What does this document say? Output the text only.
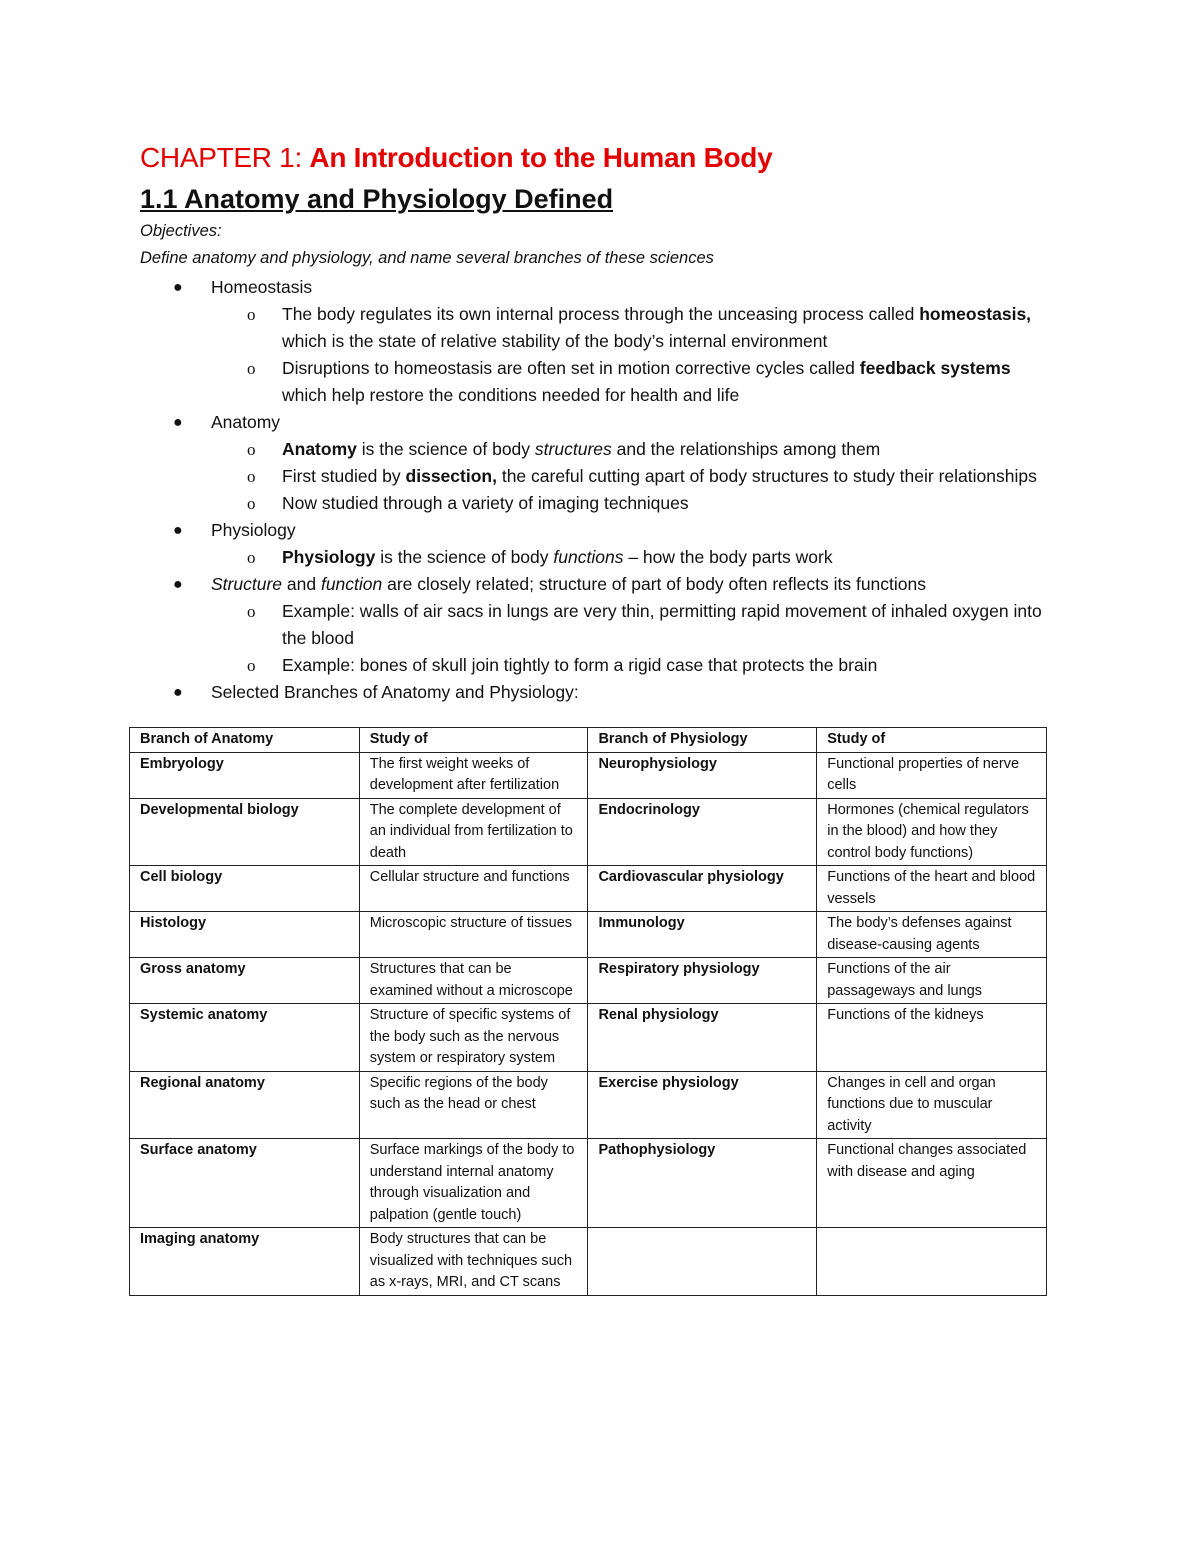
CHAPTER 1: An Introduction to the Human Body
1.1 Anatomy and Physiology Defined
Objectives:
Define anatomy and physiology, and name several branches of these sciences
● Homeostasis
o The body regulates its own internal process through the unceasing process called homeostasis, which is the state of relative stability of the body’s internal environment
o Disruptions to homeostasis are often set in motion corrective cycles called feedback systems which help restore the conditions needed for health and life
● Anatomy
o Anatomy is the science of body structures and the relationships among them
o First studied by dissection, the careful cutting apart of body structures to study their relationships
o Now studied through a variety of imaging techniques
● Physiology
o Physiology is the science of body functions – how the body parts work
● Structure and function are closely related; structure of part of body often reflects its functions
o Example: walls of air sacs in lungs are very thin, permitting rapid movement of inhaled oxygen into the blood
o Example: bones of skull join tightly to form a rigid case that protects the brain
● Selected Branches of Anatomy and Physiology:
Branch of Anatomy	Study of	Branch of Physiology	Study of
Embryology	The first weight weeks of development after fertilization	Neurophysiology	Functional properties of nerve cells
Developmental biology	The complete development of an individual from fertilization to death	Endocrinology	Hormones (chemical regulators in the blood) and how they control body functions)
Cell biology	Cellular structure and functions	Cardiovascular physiology	Functions of the heart and blood vessels
Histology	Microscopic structure of tissues	Immunology	The body’s defenses against disease-causing agents
Gross anatomy	Structures that can be examined without a microscope	Respiratory physiology	Functions of the air passageways and lungs
Systemic anatomy	Structure of specific systems of the body such as the nervous system or respiratory system	Renal physiology	Functions of the kidneys
Regional anatomy	Specific regions of the body such as the head or chest	Exercise physiology	Changes in cell and organ functions due to muscular activity
Surface anatomy	Surface markings of the body to understand internal anatomy through visualization and palpation (gentle touch)	Pathophysiology	Functional changes associated with disease and aging
Imaging anatomy	Body structures that can be visualized with techniques such as x-rays, MRI, and CT scans		
